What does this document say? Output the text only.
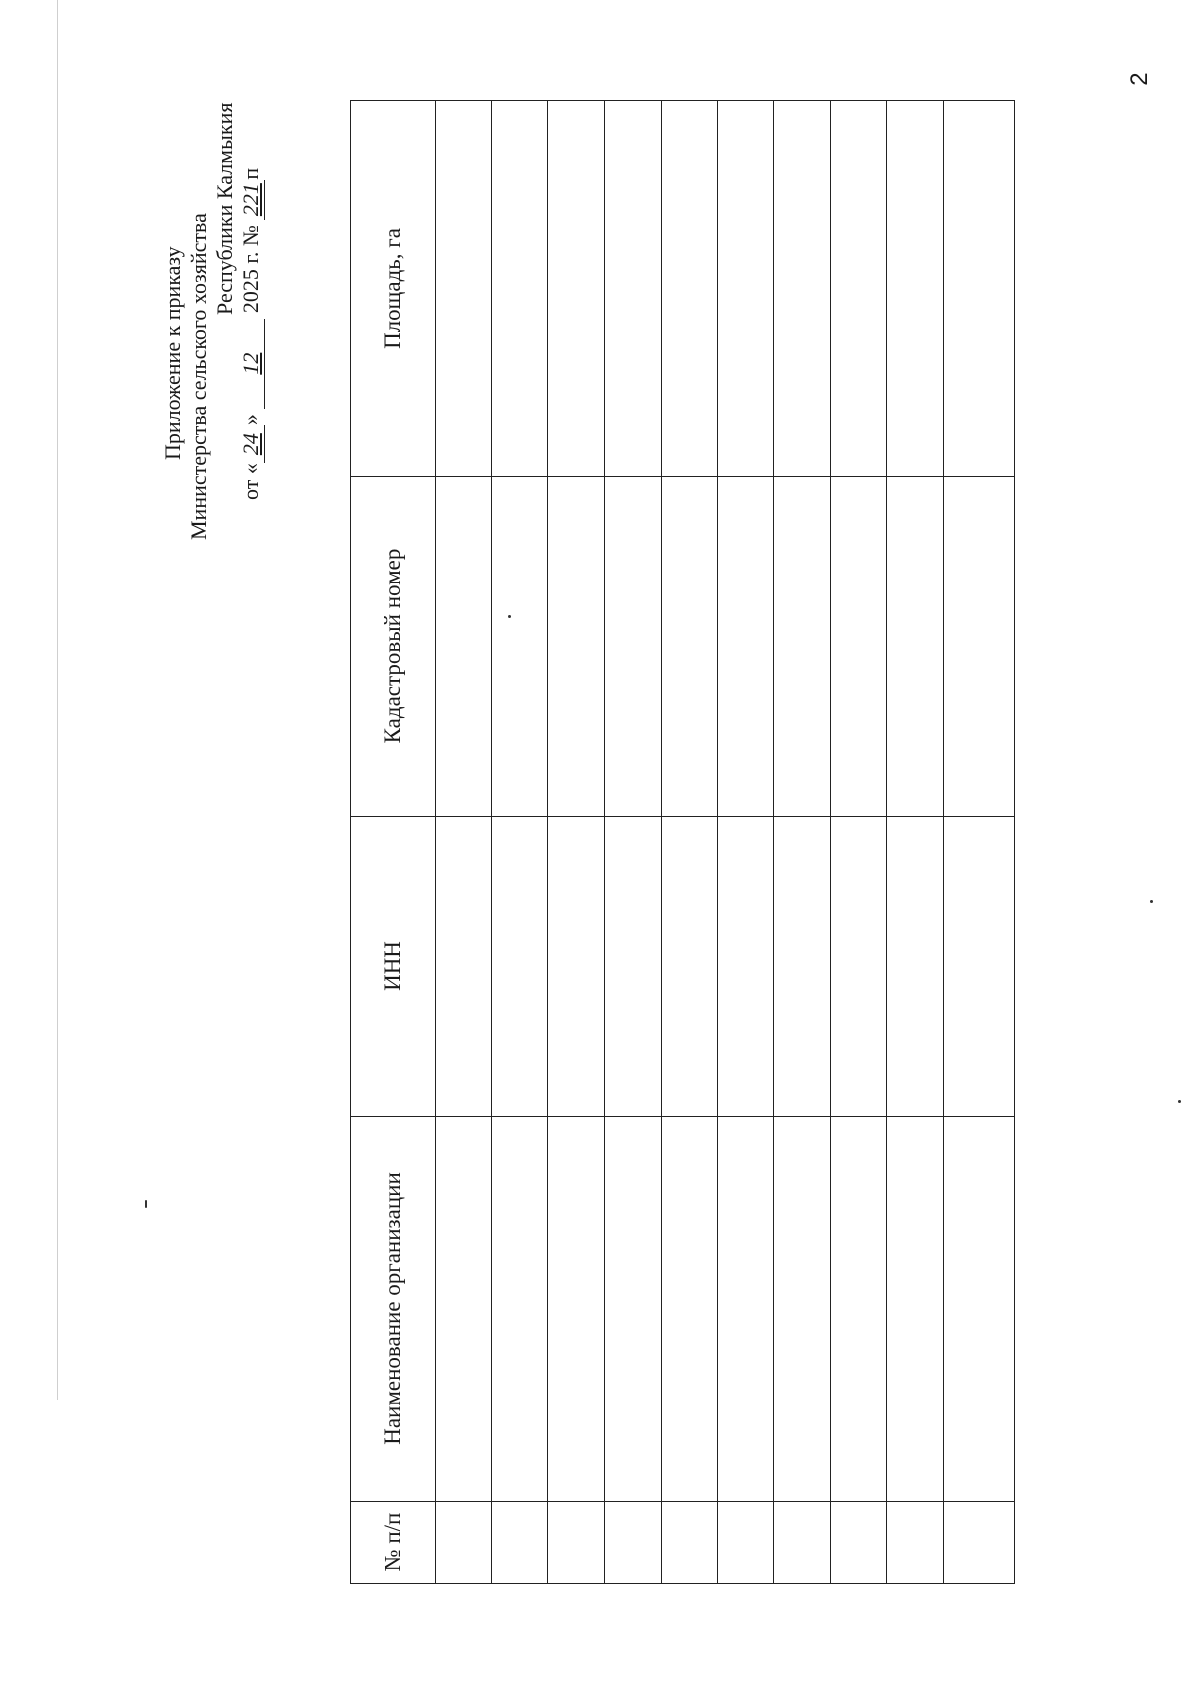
2
Приложение к приказу Министерства сельского хозяйства
Республики Калмыкия
от «24» 12 2025 г. № 221п
Площадь, га
Кадастровый номер
ИНН
Наименование организации
№ п/п
